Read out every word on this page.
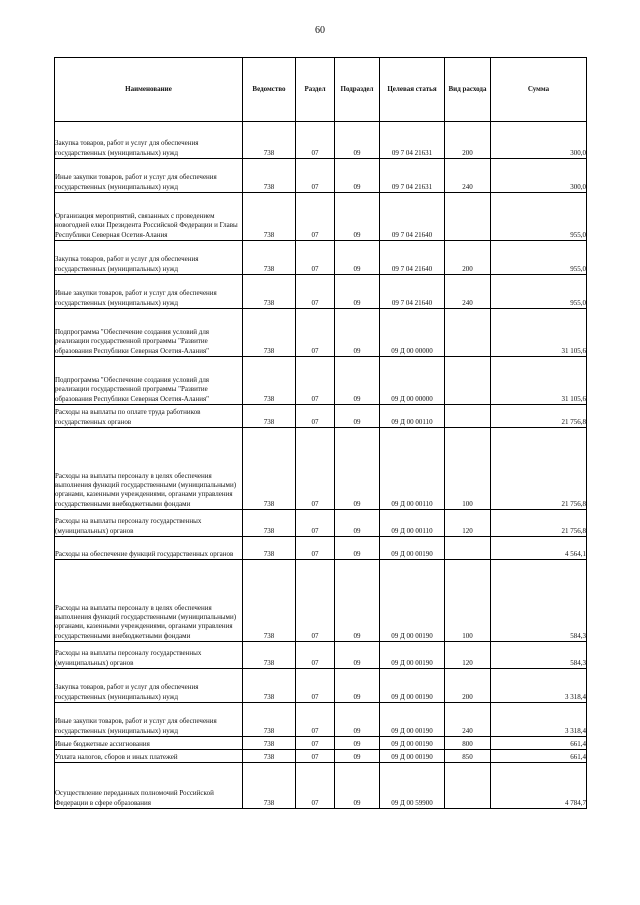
60
Наименование	Ведомство	Раздел	Подраздел	Целевая статья	Вид расхода	Сумма
Закупка товаров, работ и услуг для обеспечения государственных (муниципальных) нужд	738	07	09	09 7 04 21631	200	300,0
Иные закупки товаров, работ и услуг для обеспечения государственных (муниципальных) нужд	738	07	09	09 7 04 21631	240	300,0
Организация мероприятий, связанных с проведением новогодней елки Президента Российской Федерации и Главы Республики Северная Осетия-Алания	738	07	09	09 7 04 21640		955,0
Закупка товаров, работ и услуг для обеспечения государственных (муниципальных) нужд	738	07	09	09 7 04 21640	200	955,0
Иные закупки товаров, работ и услуг для обеспечения государственных (муниципальных) нужд	738	07	09	09 7 04 21640	240	955,0
Подпрограмма "Обеспечение создания условий для реализации государственной программы "Развитие образования Республики Северная Осетия-Алания"	738	07	09	09 Д 00 00000		31 105,6
Подпрограмма "Обеспечение создания условий для реализации государственной программы "Развитие образования Республики Северная Осетия-Алания"	738	07	09	09 Д 00 00000		31 105,6
Расходы на выплаты по оплате труда работников государственных органов	738	07	09	09 Д 00 00110		21 756,8
Расходы на выплаты персоналу в целях обеспечения выполнения функций государственными (муниципальными) органами, казенными учреждениями, органами управления государственными внебюджетными фондами	738	07	09	09 Д 00 00110	100	21 756,8
Расходы на выплаты персоналу государственных (муниципальных) органов	738	07	09	09 Д 00 00110	120	21 756,8
Расходы на обеспечение функций государственных органов	738	07	09	09 Д 00 00190		4 564,1
Расходы на выплаты персоналу в целях обеспечения выполнения функций государственными (муниципальными) органами, казенными учреждениями, органами управления государственными внебюджетными фондами	738	07	09	09 Д 00 00190	100	584,3
Расходы на выплаты персоналу государственных (муниципальных) органов	738	07	09	09 Д 00 00190	120	584,3
Закупка товаров, работ и услуг для обеспечения государственных (муниципальных) нужд	738	07	09	09 Д 00 00190	200	3 318,4
Иные закупки товаров, работ и услуг для обеспечения государственных (муниципальных) нужд	738	07	09	09 Д 00 00190	240	3 318,4
Иные бюджетные ассигнования	738	07	09	09 Д 00 00190	800	661,4
Уплата налогов, сборов и иных платежей	738	07	09	09 Д 00 00190	850	661,4
Осуществление переданных полномочий Российской Федерации в сфере образования	738	07	09	09 Д 00 59900		4 784,7
